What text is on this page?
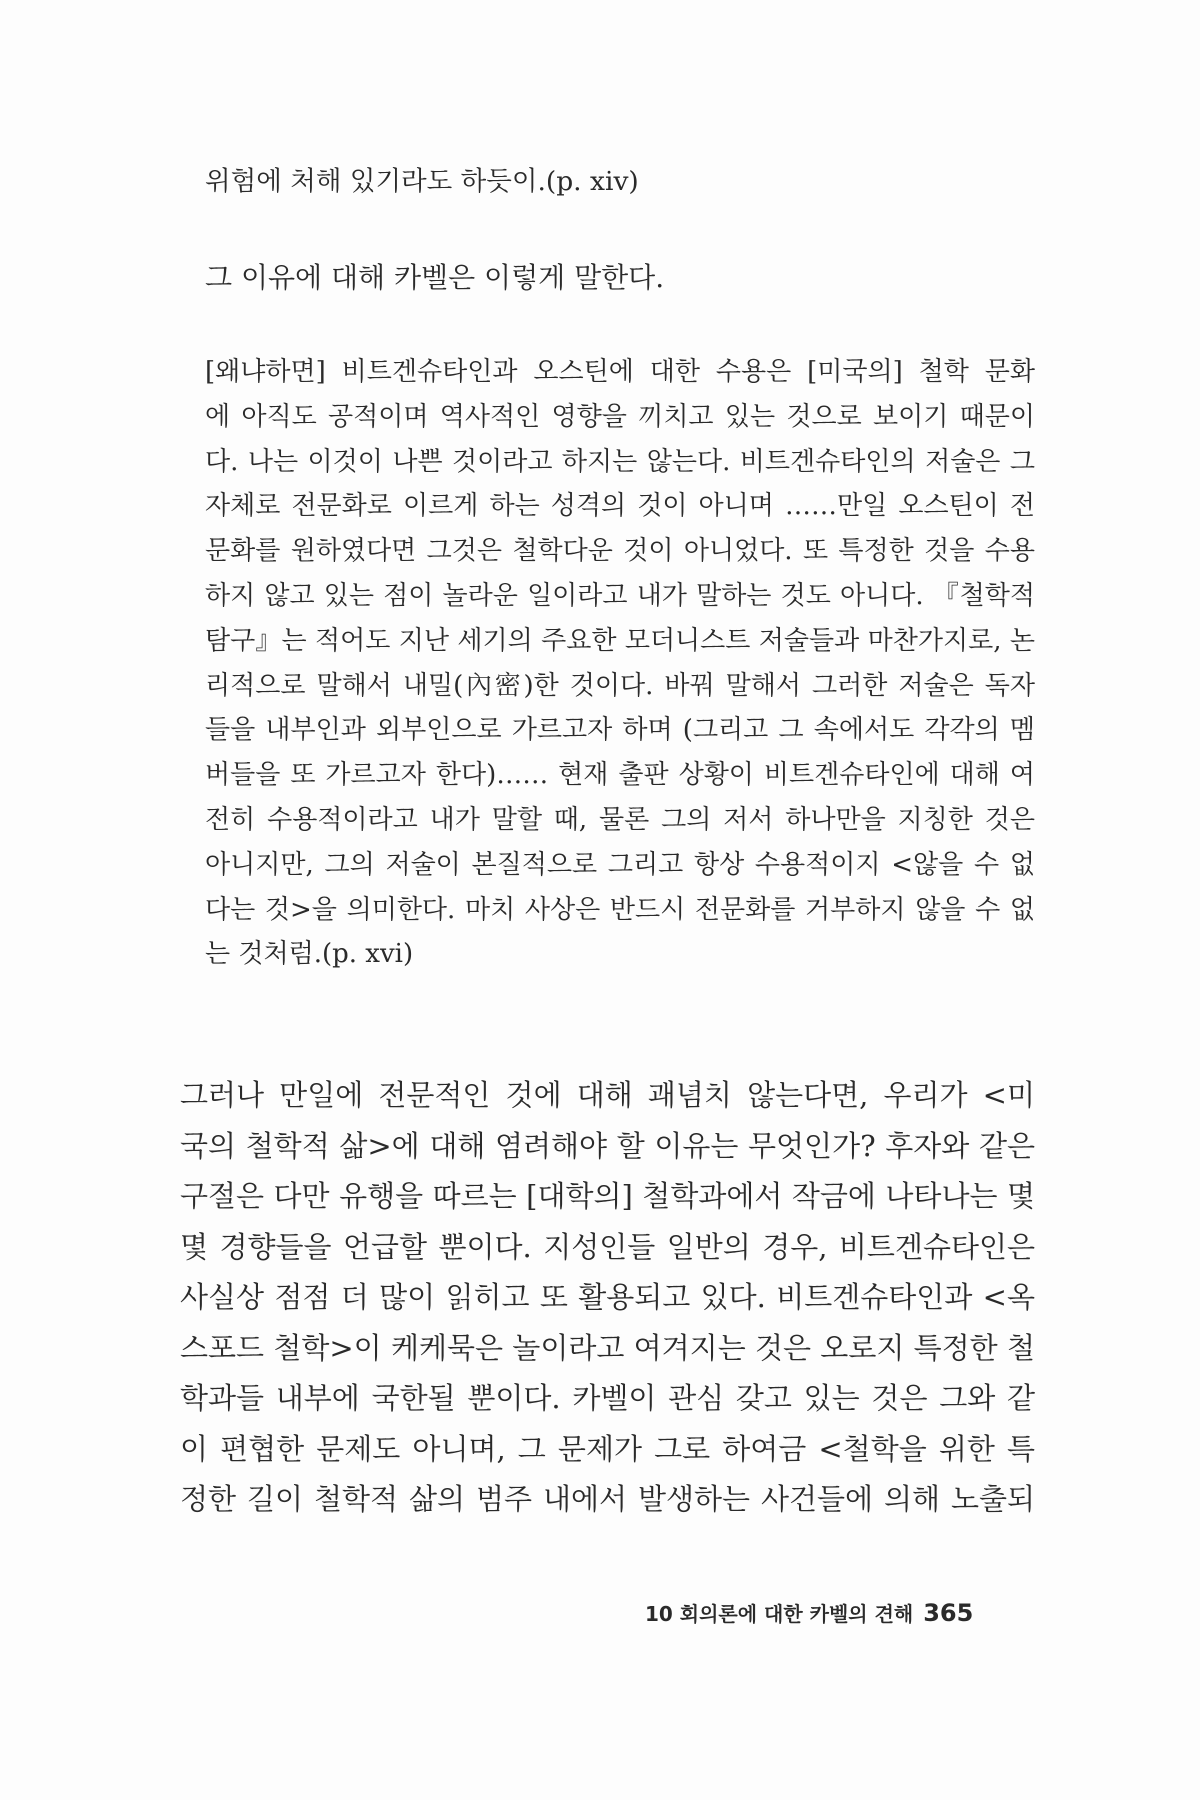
위험에 처해 있기라도 하듯이.(p. xiv)

그 이유에 대해 카벨은 이렇게 말한다.

[왜냐하면] 비트겐슈타인과 오스틴에 대한 수용은 [미국의] 철학 문화
에 아직도 공적이며 역사적인 영향을 끼치고 있는 것으로 보이기 때문이
다. 나는 이것이 나쁜 것이라고 하지는 않는다. 비트겐슈타인의 저술은 그
자체로 전문화로 이르게 하는 성격의 것이 아니며 ……만일 오스틴이 전
문화를 원하였다면 그것은 철학다운 것이 아니었다. 또 특정한 것을 수용
하지 않고 있는 점이 놀라운 일이라고 내가 말하는 것도 아니다. 『철학적
탐구』는 적어도 지난 세기의 주요한 모더니스트 저술들과 마찬가지로, 논
리적으로 말해서 내밀(內密)한 것이다. 바꿔 말해서 그러한 저술은 독자
들을 내부인과 외부인으로 가르고자 하며 (그리고 그 속에서도 각각의 멤
버들을 또 가르고자 한다)…… 현재 출판 상황이 비트겐슈타인에 대해 여
전히 수용적이라고 내가 말할 때, 물론 그의 저서 하나만을 지칭한 것은
아니지만, 그의 저술이 본질적으로 그리고 항상 수용적이지 <않을 수 없
다는 것>을 의미한다. 마치 사상은 반드시 전문화를 거부하지 않을 수 없
는 것처럼.(p. xvi)
그러나 만일에 전문적인 것에 대해 괘념치 않는다면, 우리가 <미
국의 철학적 삶>에 대해 염려해야 할 이유는 무엇인가? 후자와 같은
구절은 다만 유행을 따르는 [대학의] 철학과에서 작금에 나타나는 몇
몇 경향들을 언급할 뿐이다. 지성인들 일반의 경우, 비트겐슈타인은
사실상 점점 더 많이 읽히고 또 활용되고 있다. 비트겐슈타인과 <옥
스포드 철학>이 케케묵은 놀이라고 여겨지는 것은 오로지 특정한 철
학과들 내부에 국한될 뿐이다. 카벨이 관심 갖고 있는 것은 그와 같
이 편협한 문제도 아니며, 그 문제가 그로 하여금 <철학을 위한 특
정한 길이 철학적 삶의 범주 내에서 발생하는 사건들에 의해 노출되
10 회의론에 대한 카벨의 견해 365
